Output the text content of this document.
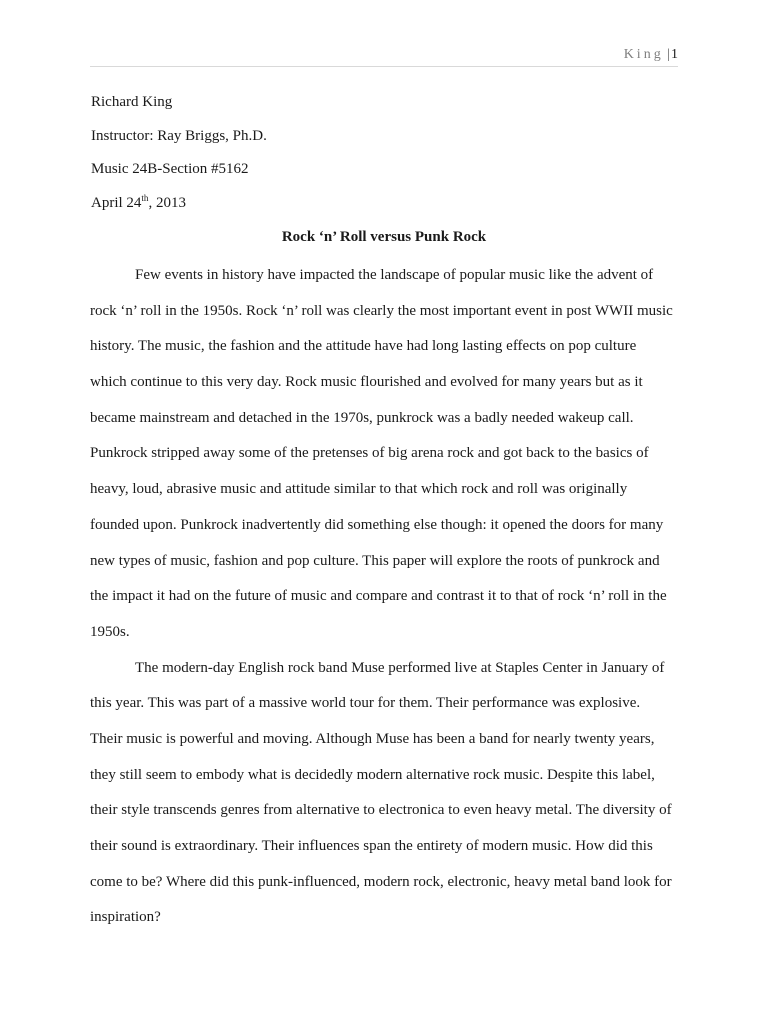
King |1
Richard King
Instructor: Ray Briggs, Ph.D.
Music 24B-Section #5162
April 24th, 2013
Rock ‘n’ Roll versus Punk Rock
Few events in history have impacted the landscape of popular music like the advent of
rock ‘n’ roll in the 1950s. Rock ‘n’ roll was clearly the most important event in post WWII music
history. The music, the fashion and the attitude have had long lasting effects on pop culture
which continue to this very day. Rock music flourished and evolved for many years but as it
became mainstream and detached in the 1970s, punkrock was a badly needed wakeup call.
Punkrock stripped away some of the pretenses of big arena rock and got back to the basics of
heavy, loud, abrasive music and attitude similar to that which rock and roll was originally
founded upon. Punkrock inadvertently did something else though: it opened the doors for many
new types of music, fashion and pop culture. This paper will explore the roots of punkrock and
the impact it had on the future of music and compare and contrast it to that of rock ‘n’ roll in the
1950s.
The modern-day English rock band Muse performed live at Staples Center in January of
this year. This was part of a massive world tour for them. Their performance was explosive.
Their music is powerful and moving. Although Muse has been a band for nearly twenty years,
they still seem to embody what is decidedly modern alternative rock music. Despite this label,
their style transcends genres from alternative to electronica to even heavy metal. The diversity of
their sound is extraordinary. Their influences span the entirety of modern music. How did this
come to be? Where did this punk-influenced, modern rock, electronic, heavy metal band look for
inspiration?
